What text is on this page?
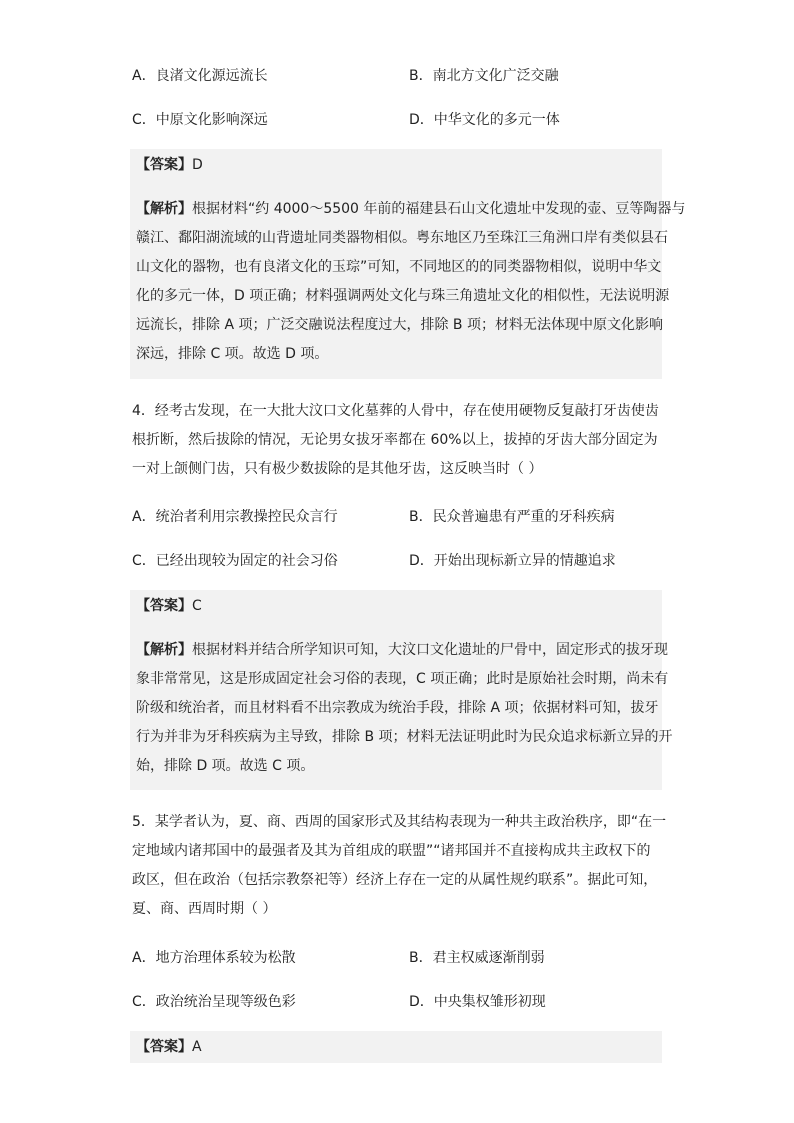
A．良渚文化源远流长	B．南北方文化广泛交融
C．中原文化影响深远	D．中华文化的多元一体
【答案】D

【解析】根据材料“约 4000～5500 年前的福建县石山文化遗址中发现的壶、豆等陶器与

赣江、鄱阳湖流域的山背遗址同类器物相似。粤东地区乃至珠江三角洲口岸有类似县石

山文化的器物，也有良渚文化的玉琮”可知，不同地区的的同类器物相似，说明中华文

化的多元一体，D 项正确；材料强调两处文化与珠三角遗址文化的相似性，无法说明源

远流长，排除 A 项；广泛交融说法程度过大，排除 B 项；材料无法体现中原文化影响

深远，排除 C 项。故选 D 项。

4．经考古发现，在一大批大汶口文化墓葬的人骨中，存在使用硬物反复敲打牙齿使齿

根折断，然后拔除的情况，无论男女拔牙率都在 60%以上，拔掉的牙齿大部分固定为

一对上颌侧门齿，只有极少数拔除的是其他牙齿，这反映当时（ ）

A．统治者利用宗教操控民众言行	B．民众普遍患有严重的牙科疾病
C．已经出现较为固定的社会习俗	D．开始出现标新立异的情趣追求
【答案】C

【解析】根据材料并结合所学知识可知，大汶口文化遗址的尸骨中，固定形式的拔牙现

象非常常见，这是形成固定社会习俗的表现，C 项正确；此时是原始社会时期，尚未有

阶级和统治者，而且材料看不出宗教成为统治手段，排除 A 项；依据材料可知，拔牙

行为并非为牙科疾病为主导致，排除 B 项；材料无法证明此时为民众追求标新立异的开

始，排除 D 项。故选 C 项。

5．某学者认为，夏、商、西周的国家形式及其结构表现为一种共主政治秩序，即“在一

定地域内诸邦国中的最强者及其为首组成的联盟”“诸邦国并不直接构成共主政权下的

政区，但在政治（包括宗教祭祀等）经济上存在一定的从属性规约联系”。据此可知，

夏、商、西周时期（ ）

A．地方治理体系较为松散	B．君主权威逐渐削弱
C．政治统治呈现等级色彩	D．中央集权雏形初现
【答案】A
